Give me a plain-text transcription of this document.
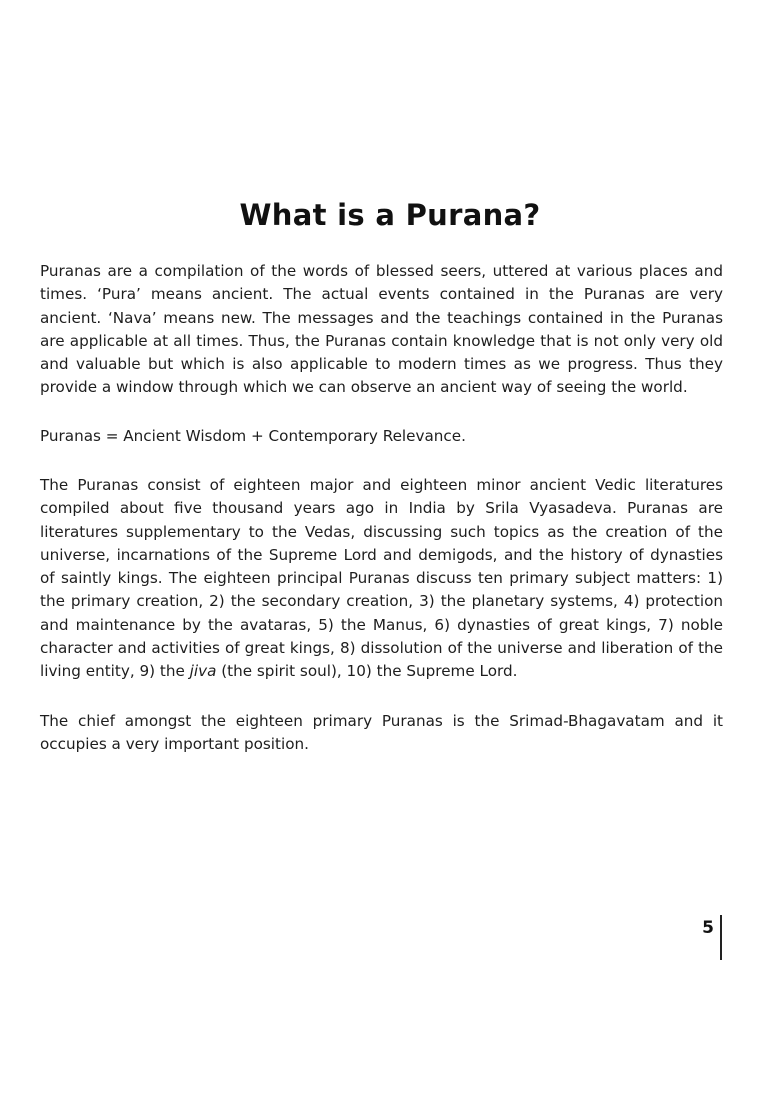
What is a Purana?

Puranas are a compilation of the words of blessed seers, uttered at various places and times. ‘Pura’ means ancient. The actual events contained in the Puranas are very ancient. ‘Nava’ means new. The messages and the teachings contained in the Puranas are applicable at all times. Thus, the Puranas contain knowledge that is not only very old and valuable but which is also applicable to modern times as we progress. Thus they provide a window through which we can observe an ancient way of seeing the world.

Puranas = Ancient Wisdom + Contemporary Relevance.

The Puranas consist of eighteen major and eighteen minor ancient Vedic literatures compiled about five thousand years ago in India by Srila Vyasadeva. Puranas are literatures supplementary to the Vedas, discussing such topics as the creation of the universe, incarnations of the Supreme Lord and demigods, and the history of dynasties of saintly kings. The eighteen principal Puranas discuss ten primary subject matters: 1) the primary creation, 2) the secondary creation, 3) the planetary systems, 4) protection and maintenance by the avataras, 5) the Manus, 6) dynasties of great kings, 7) noble character and activities of great kings, 8) dissolution of the universe and liberation of the living entity, 9) the jiva (the spirit soul), 10) the Supreme Lord.

The chief amongst the eighteen primary Puranas is the Srimad-Bhagavatam and it occupies a very important position.

5
